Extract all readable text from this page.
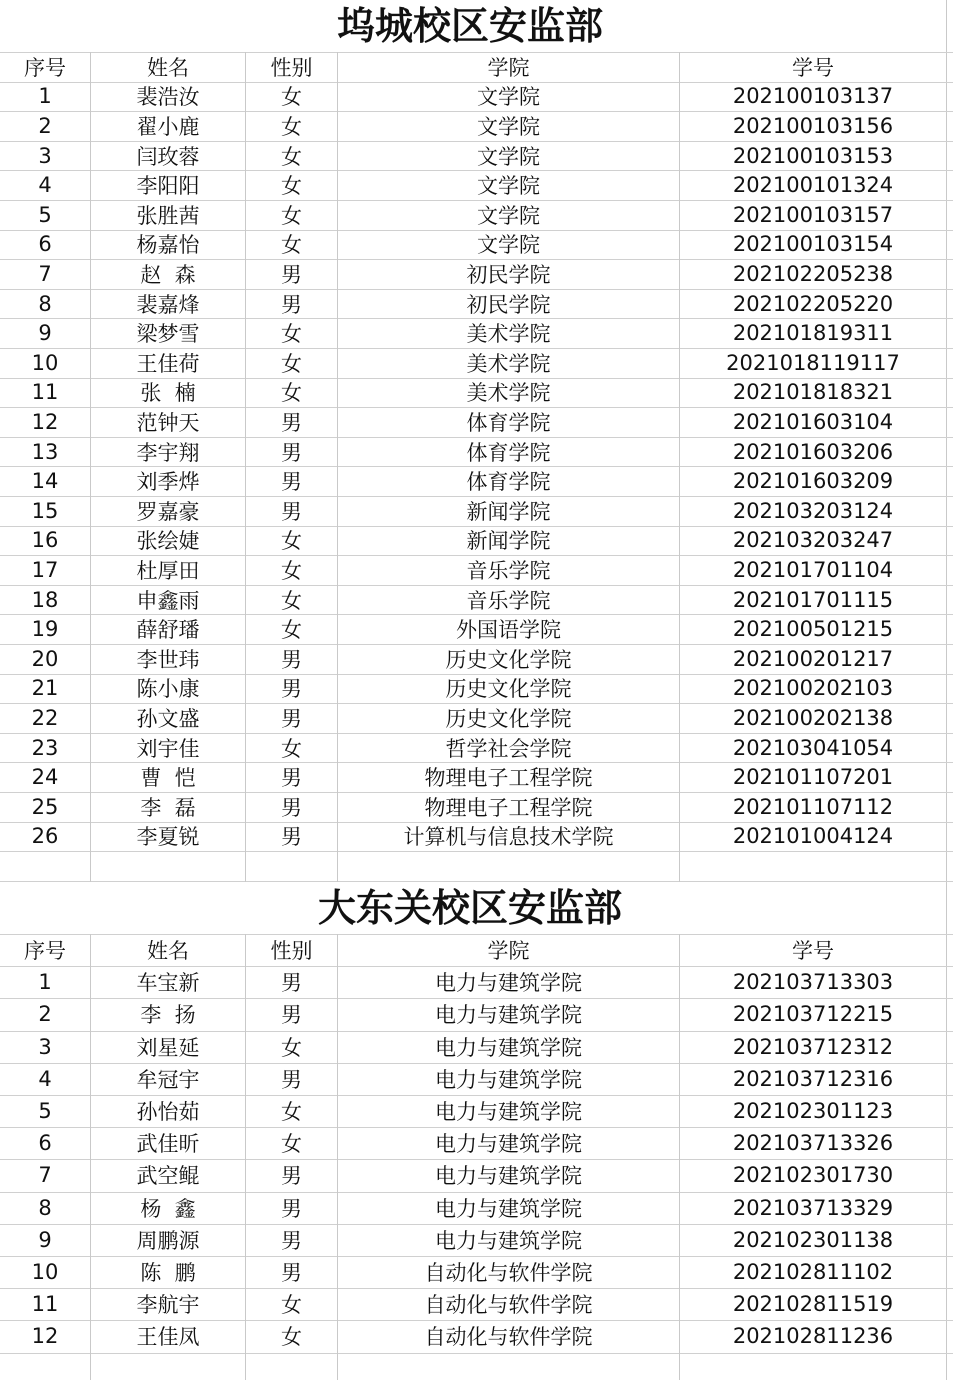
坞城校区安监部
大东关校区安监部
序号	姓名	性别	学院	学号
1	裴浩汝	女	文学院	202100103137
2	翟小鹿	女	文学院	202100103156
3	闫玫蓉	女	文学院	202100103153
4	李阳阳	女	文学院	202100101324
5	张胜茜	女	文学院	202100103157
6	杨嘉怡	女	文学院	202100103154
7	赵  森	男	初民学院	202102205238
8	裴嘉烽	男	初民学院	202102205220
9	梁梦雪	女	美术学院	202101819311
10	王佳荷	女	美术学院	2021018119117
11	张  楠	女	美术学院	202101818321
12	范钟天	男	体育学院	202101603104
13	李宇翔	男	体育学院	202101603206
14	刘季烨	男	体育学院	202101603209
15	罗嘉豪	男	新闻学院	202103203124
16	张绘婕	女	新闻学院	202103203247
17	杜厚田	女	音乐学院	202101701104
18	申鑫雨	女	音乐学院	202101701115
19	薛舒璠	女	外国语学院	202100501215
20	李世玮	男	历史文化学院	202100201217
21	陈小康	男	历史文化学院	202100202103
22	孙文盛	男	历史文化学院	202100202138
23	刘宇佳	女	哲学社会学院	202103041054
24	曹  恺	男	物理电子工程学院	202101107201
25	李  磊	男	物理电子工程学院	202101107112
26	李夏锐	男	计算机与信息技术学院	202101004124
序号	姓名	性别	学院	学号
1	车宝新	男	电力与建筑学院	202103713303
2	李  扬	男	电力与建筑学院	202103712215
3	刘星延	女	电力与建筑学院	202103712312
4	牟冠宇	男	电力与建筑学院	202103712316
5	孙怡茹	女	电力与建筑学院	202102301123
6	武佳昕	女	电力与建筑学院	202103713326
7	武空鲲	男	电力与建筑学院	202102301730
8	杨  鑫	男	电力与建筑学院	202103713329
9	周鹏源	男	电力与建筑学院	202102301138
10	陈  鹏	男	自动化与软件学院	202102811102
11	李航宇	女	自动化与软件学院	202102811519
12	王佳凤	女	自动化与软件学院	202102811236
